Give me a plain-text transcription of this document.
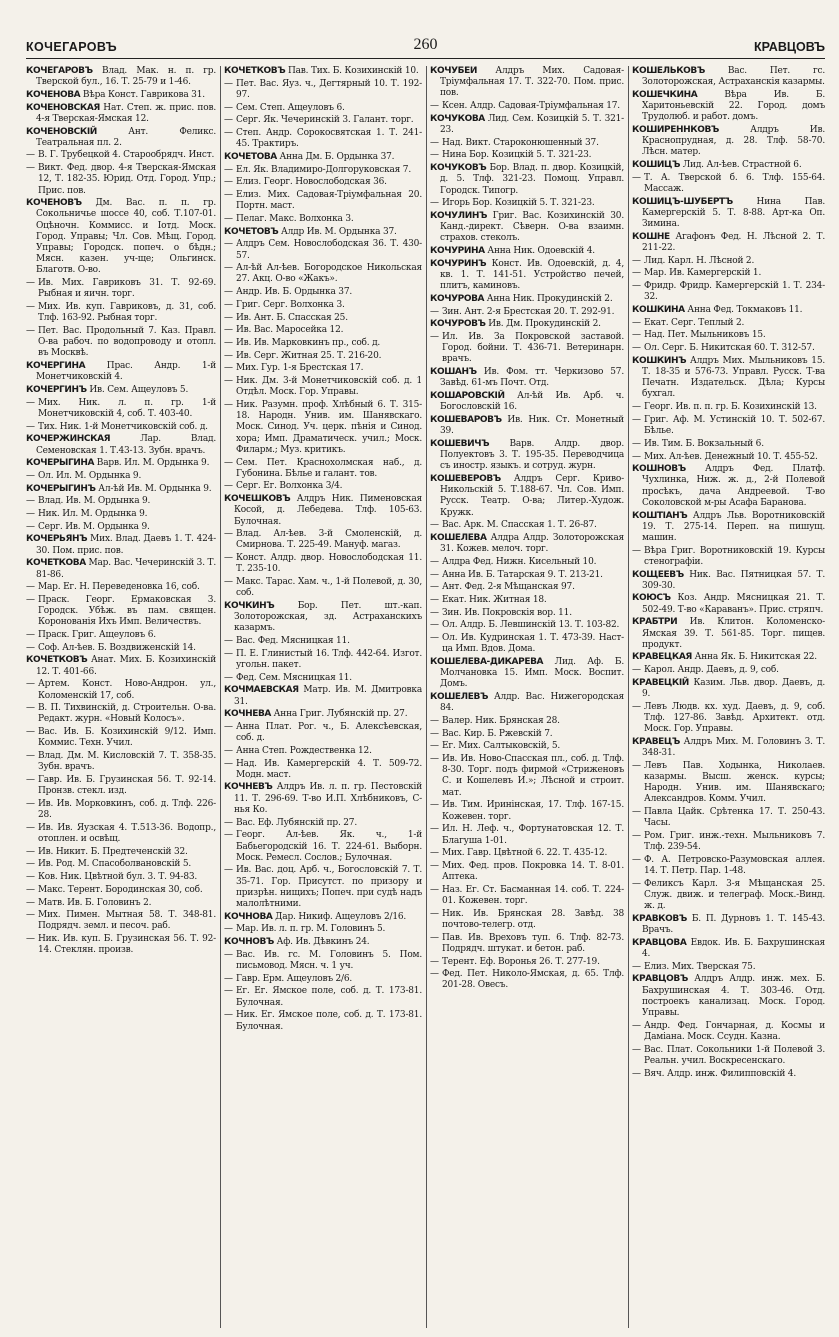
КОЧЕГАРОВЪ	260	КРАВЦОВЪ
КОЧЕГАРОВЪ Влад. Мак. н. п. гр. Тверской бул., 16. Т. 25-79 и 1-46.
КОЧЕНОВА Вѣра Конст. Гаврикова 31.
КОЧЕНОВСКАЯ Нат. Степ. ж. прис. пов. 4-я Тверская-Ямская 12.
КОЧЕНОВСКІЙ	Ант. Феликс. Театральная пл. 2.
— В. Г. Трубецкой 4. Старообрядч. Инст.
— Викт. Фед. двор. 4-я Тверская-Ямская 12, Т. 182-35. Юрид. Отд. Город. Упр.; Прис. пов.
КОЧЕНОВЪ Дм. Вас. п. п. гр. Сокольничье шоссе 40, соб. Т.107-01. Оцѣночн. Коммисс. и Iотд. Моск. Город. Управы; Чл. Сов. Мѣщ. Город. Управы; Городск. попеч. о бѣдн.; Мясн. казен. уч-ще; Ольгинск. Благотв. О-во.
— Ив. Мих. Гавриковъ 31. Т. 92-69. Рыбная и яичн. торг.
— Мих. Ив. куп. Гавриковъ, д. 31, соб. Тлф. 163-92. Рыбная торг.
— Пет. Вас. Продольный 7. Каз. Правл. О-ва рабоч. по водопроводу и отопл. въ Москвѣ.
КОЧЕРГИНА Прас. Андр. 1-й Монетчиковскій 4.
КОЧЕРГИНЪ Ив. Сем. Ащеуловъ 5.
— Мих. Ник. л. п. гр. 1-й Монетчиковскій 4, соб. Т. 403-40.
— Тих. Ник. 1-й Монетчиковскій соб. д.
КОЧЕРЖИНСКАЯ	Лар. Влад. Семеновская 1. Т.43-13. Зубн. врачъ.
КОЧЕРЫГИНА Варв. Ил. М. Ордынка 9.
— Ол. Ил. М. Ордынка 9.
КОЧЕРЫГИНЪ Ал-ѣй Ив. М. Ордынка 9.
— Влад. Ив. М. Ордынка 9.
— Ник. Ил. М. Ордынка 9.
— Серг. Ив. М. Ордынка 9.
КОЧЕРЬЯНЪ Мих. Влад. Даевъ 1. Т. 424-30. Пом. прис. пов.
КОЧЕТКОВА Мар. Вас. Чечеринскій 3. Т. 81-86.
— Мар. Ег. Н. Переведеновка 16, соб.
— Праск. Георг. Ермаковская 3. Городск. Убѣж. въ пам. священ. Коронованія Ихъ Имп. Величествъ.
— Праск. Григ. Ащеуловъ 6.
— Соф. Ал-ѣев. Б. Воздвиженскій 14.
КОЧЕТКОВЪ Анат. Мих. Б. Козихинскій 12. Т. 401-66.
— Артем. Конст. Ново-Андрон. ул., Коломенскій 17, соб.
— В. П. Тихвинскій, д. Строительн. О-ва. Редакт. журн. «Новый Колосъ».
— Вас. Ив. Б. Козихинскій 9/12. Имп. Коммис. Техн. Учил.
— Влад. Дм. М. Кисловскій 7. Т. 358-35. Зубн. врачъ.
— Гавр. Ив. Б. Грузинская 56. Т. 92-14. Пронзв. стекл. изд.
— Ив. Ив. Морковкинъ, соб. д. Тлф. 226-28.
— Ив. Ив. Яузская 4. Т.513-36. Водопр., отоплен. и освѣщ.
— Ив. Никит. Б. Предтеченскій 32.
— Ив. Род. М. Спасоболвановскій 5.
— Ков. Ник. Цвѣтной бул. 3. Т. 94-83.
— Макс. Терент. Бородинская 30, соб.
— Матв. Ив. Б. Головинъ 2.
— Мих. Пимен. Мытная 58. Т. 348-81. Подрядч. земл. и песоч. раб.
— Ник. Ив. куп. Б. Грузинская 56. Т. 92-14. Стеклян. произв.
КОЧЕТКОВЪ Пав. Тих. Б. Козихинскій 10.
— Пет. Вас. Яуз. ч., Дегтярный 10. Т. 192-97.
— Сем. Степ. Ащеуловъ 6.
— Серг. Як. Чечеринскій 3. Галант. торг.
— Степ. Андр. Сорокосвятская 1. Т. 241-45. Трактиръ.
КОЧЕТОВА Анна Дм. Б. Ордынка 37.
— Ел. Як. Владимиро-Долгоруковская 7.
— Елиз. Георг. Новослободская 36.
— Елиз. Мих. Садовая-Тріумфальная 20. Портн. маст.
— Пелаг. Макс. Волхонка 3.
КОЧЕТОВЪ Алдр Ив. М. Ордынка 37.
— Алдръ Сем. Новослободская 36. Т. 430-57.
— Ал-ѣй Ал-ѣев. Богородское Никольская 27. Акц. О-во «Жакъ».
— Андр. Ив. Б. Ордынка 37.
— Григ. Серг. Волхонка 3.
— Ив. Ант. Б. Спасская 25.
— Ив. Вас. Маросейка 12.
— Ив. Ив. Марковкинъ пр., соб. д.
— Ив. Серг. Житная 25. Т. 216-20.
— Мих. Гур. 1-я Брестская 17.
— Ник. Дм. 3-й Монетчиковскій соб. д. 1 Отдѣл. Моск. Гор. Управы.
— Ник. Разумн. проф. Хлѣбный 6. Т. 315-18. Народн. Унив. им. Шанявскаго. Моск. Синод. Уч. церк. пѣнія и Синод. хора; Имп. Драматическ. учил.; Моск. Филарм.; Муз. критикъ.
— Сем. Пет. Краснохолмская наб., д. Губонина. Бѣлье и галант. тов.
— Серг. Ег. Волхонка 3/4.
КОЧЕШКОВЪ Алдръ Ник. Пименовская Косой, д. Лебедева. Тлф. 105-63. Булочная.
— Влад. Ал-ѣев. 3-й Смоленскій, д. Смирнова. Т. 225-49. Мануф. магаз.
— Конст. Алдр. двор. Новослободская 11. Т. 235-10.
— Макс. Тарас. Хам. ч., 1-й Полевой, д. 30, соб.
КОЧКИНЪ	Бор. Пет. шт.-кап. Золоторожская, зд. Астраханскихъ казармъ.
— Вас. Фед. Мясницкая 11.
— П. Е. Глинистый 16. Тлф. 442-64. Изгот. угольн. пакет.
— Фед. Сем. Мясницкая 11.
КОЧМАЕВСКАЯ Матр. Ив. М. Дмитровка 31.
КОЧНЕВА Анна Григ. Лубянскій пр. 27.
— Анна Плат. Рог. ч., Б. Алексѣевская, соб. д.
— Анна Степ. Рождественка 12.
— Над. Ив. Камергерскій 4. Т. 509-72. Модн. маст.
КОЧНЕВЪ Алдръ Ив. л. п. гр. Пестовскій 11. Т. 296-69. Т-во И.П. Хлѣбниковъ, С-нья Ко.
— Вас. Еф. Лубянскій пр. 27.
— Георг. Ал-ѣев. Як. ч., 1-й Бабьегородскій 16. Т. 224-61. Выборн. Моск. Ремесл. Сослов.; Булочная.
— Ив. Вас. доц. Арб. ч., Богословскій 7. Т. 35-71. Гор. Присутст. по призору и призрѣн. нищихъ; Попеч. при судѣ надъ малолѣтними.
КОЧНОВА Дар. Никиф. Ащеуловъ 2/16.
— Мар. Ив. л. п. гр. М. Головинъ 5.
КОЧНОВЪ Аф. Ив. Дѣвкинъ 24.
— Вас. Ив. гс. М. Головинъ 5. Пом. письмовод. Мясн. ч. 1 уч.
— Гавр. Ерм. Ащеуловъ 2/6.
— Ег. Ег. Ямское поле, соб. д. Т. 173-81. Булочная.
— Ник. Ег. Ямское поле, соб. д. Т. 173-81. Булочная.
КОЧУБЕЙ Алдръ Мих. Садовая-Тріумфальная 17. Т. 322-70. Пом. прис. пов.
— Ксен. Алдр. Садовая-Тріумфальная 17.
КОЧУКОВА Лид. Сем. Козицкій 5. Т. 321-23.
— Над. Викт. Староконюшенный 37.
— Нина Бор. Козицкій 5. Т. 321-23.
КОЧУКОВЪ Бор. Влад. п. двор. Козицкій, д. 5. Тлф. 321-23. Помощ. Управл. Городск. Типогр.
— Игорь Бор. Козицкій 5. Т. 321-23.
КОЧУЛИНЪ Григ. Вас. Козихинскій 30. Канд.-директ. Сѣверн. О-ва взаимн. страхов. стеколъ.
КОЧУРИНА Анна Ник. Одоевскій 4.
КОЧУРИНЪ Конст. Ив. Одоевскій, д. 4, кв. 1. Т. 141-51. Устройство печей, плитъ, каминовъ.
КОЧУРОВА Анна Ник. Прокудинскій 2.
— Зин. Ант. 2-я Брестская 20. Т. 292-91.
КОЧУРОВЪ Ив. Дм. Прокудинскій 2.
— Ил. Ив. За Покровской заставой. Город. бойни. Т. 436-71. Ветеринарн. врачъ.
КОШАНЪ Ив. Фом. тт. Черкизово 57. Завѣд. 61-мъ Почт. Отд.
КОШАРОВСКІЙ Ал-ѣй Ив. Арб. ч. Богословскій 16.
КОШЕВАРОВЪ Ив. Ник. Ст. Монетный 39.
КОШЕВИЧЪ Варв. Алдр. двор. Полуектовъ 3. Т. 195-35. Переводчица съ иностр. языкъ. и сотруд. журн.
КОШЕВЕРОВЪ Алдръ Серг. Криво-Никольскій 5. Т.188-67. Чл. Сов. Имп. Русск. Театр. О-ва; Литер.-Худож. Кружк.
— Вас. Арк. М. Спасская 1. Т. 26-87.
КОШЕЛЕВА Алдра Алдр. Золоторожская 31. Кожев. мелоч. торг.
— Алдра Фед. Нижн. Кисельный 10.
— Анна Ив. Б. Татарская 9. Т. 213-21.
— Ант. Фед. 2-я Мѣщанская 97.
— Екат. Ник. Житная 18.
— Зин. Ив. Покровскія вор. 11.
— Ол. Алдр. Б. Левшинскій 13. Т. 103-82.
— Ол. Ив. Кудринская 1. Т. 473-39. Наст-ца Имп. Вдов. Дома.
КОШЕЛЕВА-ДИКАРЕВА Лид. Аф. Б. Молчановка 15. Имп. Моск. Воспит. Домъ.
КОШЕЛЕВЪ Алдр. Вас. Нижегородская 84.
— Валер. Ник. Брянская 28.
— Вас. Кир. Б. Ржевскій 7.
— Ег. Мих. Салтыковскій, 5.
— Ив. Ив. Ново-Спасская пл., соб. д. Тлф. 8-30. Торг. подъ фирмой «Стриженовъ С. и Кошелевъ И.»; Лѣсной и строит. мат.
— Ив. Тим. Иринінская, 17. Тлф. 167-15. Кожевен. торг.
— Ил. Н. Леф. ч., Фортунатовская 12. Т. Благуша 1-01.
— Мих. Гавр. Цвѣтной 6. 22. Т. 435-12.
— Мих. Фед. пров. Покровка 14. Т. 8-01. Аптека.
— Наз. Ег. Ст. Басманная 14. соб. Т. 224-01. Кожевен. торг.
— Ник. Ив. Брянская 28. Завѣд. 38 почтово-телегр. отд.
— Пав. Ив. Вреховъ туп. 6. Тлф. 82-73. Подрядч. штукат. и бетон. раб.
— Терент. Еф. Воронья 26. Т. 277-19.
— Фед. Пет. Николо-Ямская, д. 65. Тлф. 201-28. Овесъ.
КОШЕЛЬКОВЪ	Вас. Пет. гс. Золоторожская, Астраханскія казармы.
КОШЕЧКИНА	Вѣра Ив. Б. Харитоньевскій 22. Город. домъ Трудолюб. и работ. домъ.
КОШИРЕННКОВЪ	Алдръ Ив. Краснопрудная, д. 28. Тлф. 58-70. Лѣсн. матер.
КОШИЦЪ Лид. Ал-ѣев. Страстной 6.
— Т. А. Тверской б. 6. Тлф. 155-64. Массаж.
КОШИЦЪ-ШУБЕРТЪ	Нина Пав. Камергерскій 5. Т. 8-88. Арт-ка Оп. Зимина.
КОШНЕ Агафонъ Фед. Н. Лѣсной 2. Т. 211-22.
— Лид. Карл. Н. Лѣсной 2.
— Мар. Ив. Камергерскій 1.
— Фридр. Фридр. Камергерскій 1. Т. 234-32.
КОШКИНА Анна Фед. Токмаковъ 11.
— Екат. Серг. Теплый 2.
— Над. Пет. Мыльниковъ 15.
— Ол. Серг. Б. Никитская 60. Т. 312-57.
КОШКИНЪ Алдръ Мих. Мыльниковъ 15. Т. 18-35 и 576-73. Управл. Русск. Т-ва Печатн. Издательск. Дѣла; Курсы бухгал.
— Георг. Ив. п. п. гр. Б. Козихинскій 13.
— Григ. Аф. М. Устинскій 10. Т. 502-67. Бѣлье.
— Ив. Тим. Б. Вокзальный 6.
— Мих. Ал-ѣев. Денежный 10. Т. 455-52.
КОШНОВЪ Алдръ Фед. Платф. Чухлинка, Ниж. ж. д., 2-й Полевой просѣкъ, дача Андреевой. Т-во Соколовской м-ры Асафа Барановa.
КОШТІАНЪ Алдръ Льв. Воротниковскій 19. Т. 275-14. Переп. на пишущ. машин.
— Вѣра Григ. Воротниковскій 19. Курсы стенографіи.
КОЩЕЕВЪ Ник. Вас. Пятницкая 57. Т. 309-30.
КОЮСЪ Коз. Андр. Мясницкая 21. Т. 502-49. Т-во «Караванъ». Прис. стряпч.
КРАБТРИ Ив. Клитон. Коломенско-Ямская 39. Т. 561-85. Торг. пищев. продукт.
КРАВЕЦКАЯ Анна Як. Б. Никитская 22.
— Карол. Андр. Даевъ, д. 9, соб.
КРАВЕЦКІЙ Казим. Льв. двор. Даевъ, д. 9.
— Левъ Людв. кх. худ. Даевъ, д. 9, соб. Тлф. 127-86. Завѣд. Архитект. отд. Моск. Гор. Управы.
КРАВЕЦЪ Алдръ Мих. М. Головинъ 3. Т. 348-31.
— Левъ Пав. Ходынка, Николаев. казармы. Высш. женск. курсы; Народн. Унив. им. Шанявскаго; Александров. Комм. Учил.
— Павла Цайк. Срѣтенка 17. Т. 250-43. Часы.
— Ром. Григ. инж.-техн. Мыльниковъ 7. Тлф. 239-54.
— Ф. А. Петровско-Разумовская аллея. 14. Т. Петр. Пар. 1-48.
— Феликсъ Карл. 3-я Мѣщанская 25. Служ. движ. и телеграф. Моск.-Винд. ж. д.
КРАВКОВЪ Б. П. Дурновъ 1. Т. 145-43. Врачъ.
КРАВЦОВА Евдок. Ив. Б. Бахрушинская 4.
— Елиз. Мих. Тверская 75.
КРАВЦОВЪ Алдръ Алдр. инж. мех. Б. Бахрушинская 4. Т. 303-46. Отд. построекъ канализац. Моск. Город. Управы.
— Андр. Фед. Гончарная, д. Космы и Даміана. Моск. Ссудн. Казна.
— Вас. Плат. Сокольники 1-й Полевой 3. Реальн. учил. Воскресенскаго.
— Вяч. Алдр. инж. Филипповскій 4.
